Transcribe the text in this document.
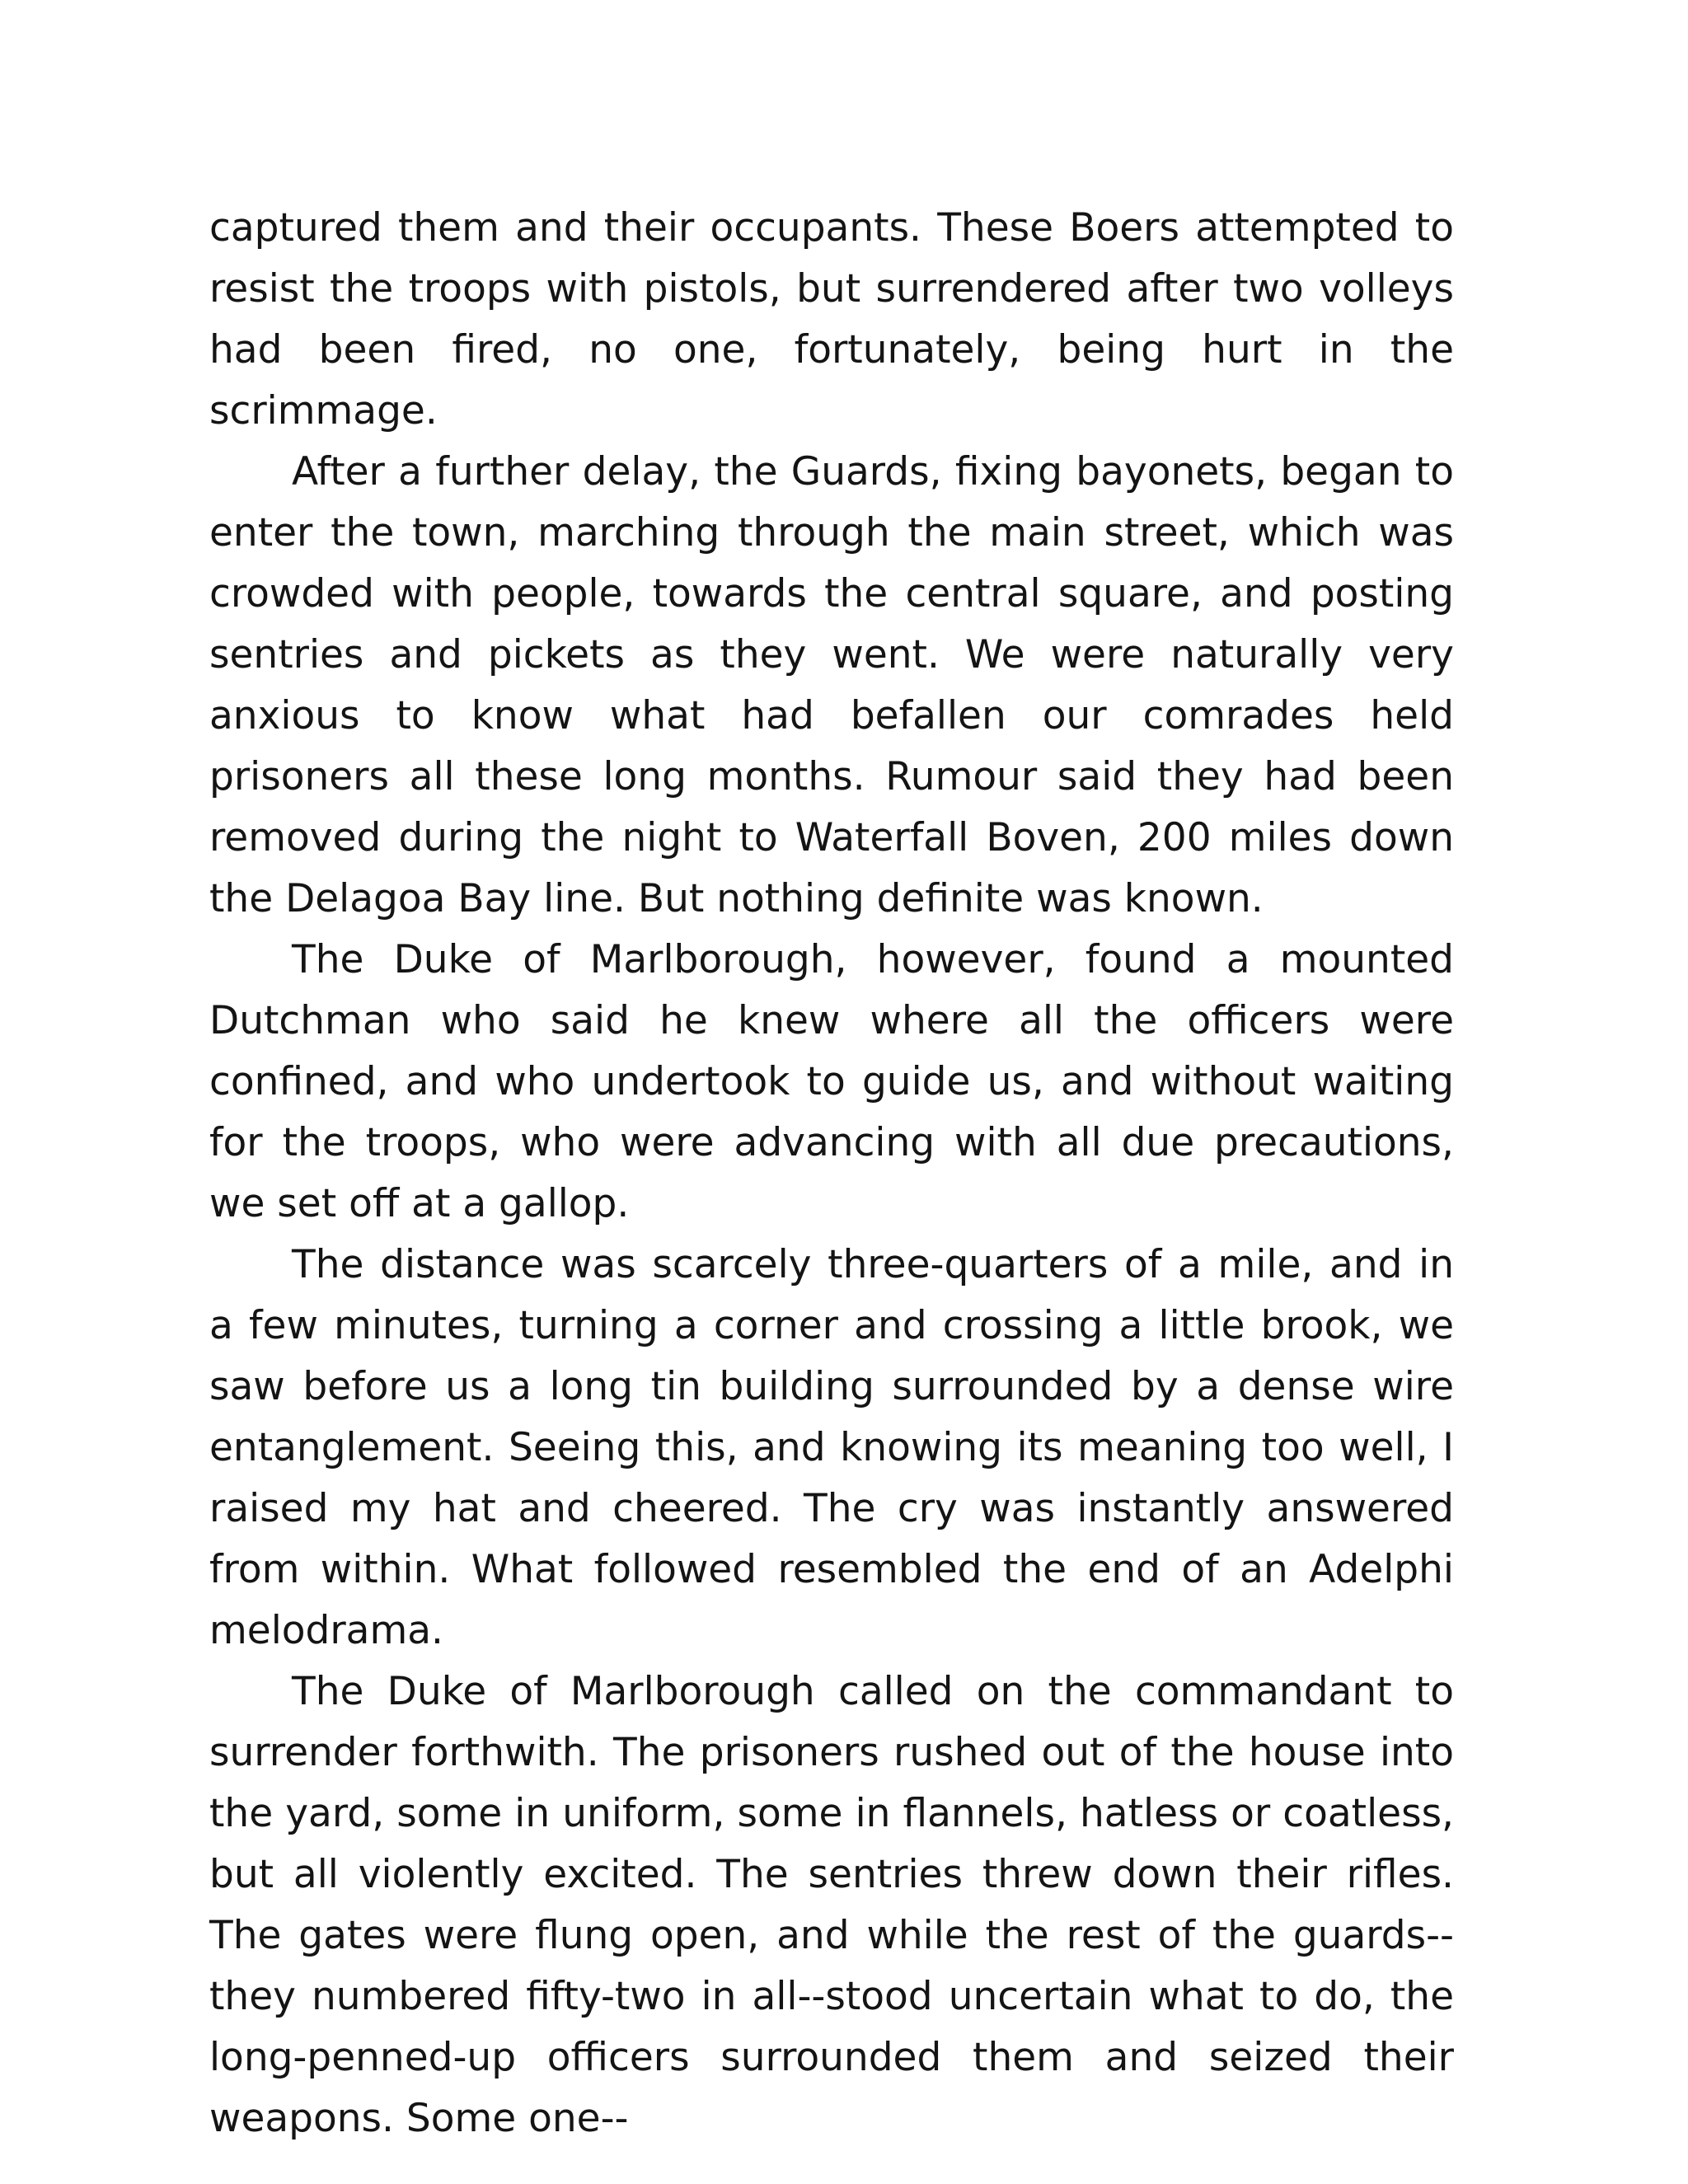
captured them and their occupants. These Boers attempted to resist the troops with pistols, but surrendered after two volleys had been fired, no one, fortunately, being hurt in the scrimmage.

After a further delay, the Guards, fixing bayonets, began to enter the town, marching through the main street, which was crowded with people, towards the central square, and posting sentries and pickets as they went. We were naturally very anxious to know what had befallen our comrades held prisoners all these long months. Rumour said they had been removed during the night to Waterfall Boven, 200 miles down the Delagoa Bay line. But nothing definite was known.

The Duke of Marlborough, however, found a mounted Dutchman who said he knew where all the officers were confined, and who undertook to guide us, and without waiting for the troops, who were advancing with all due precautions, we set off at a gallop.

The distance was scarcely three-quarters of a mile, and in a few minutes, turning a corner and crossing a little brook, we saw before us a long tin building surrounded by a dense wire entanglement. Seeing this, and knowing its meaning too well, I raised my hat and cheered. The cry was instantly answered from within. What followed resembled the end of an Adelphi melodrama.

The Duke of Marlborough called on the commandant to surrender forthwith. The prisoners rushed out of the house into the yard, some in uniform, some in flannels, hatless or coatless, but all violently excited. The sentries threw down their rifles. The gates were flung open, and while the rest of the guards--they numbered fifty-two in all--stood uncertain what to do, the long-penned-up officers surrounded them and seized their weapons. Some one--
